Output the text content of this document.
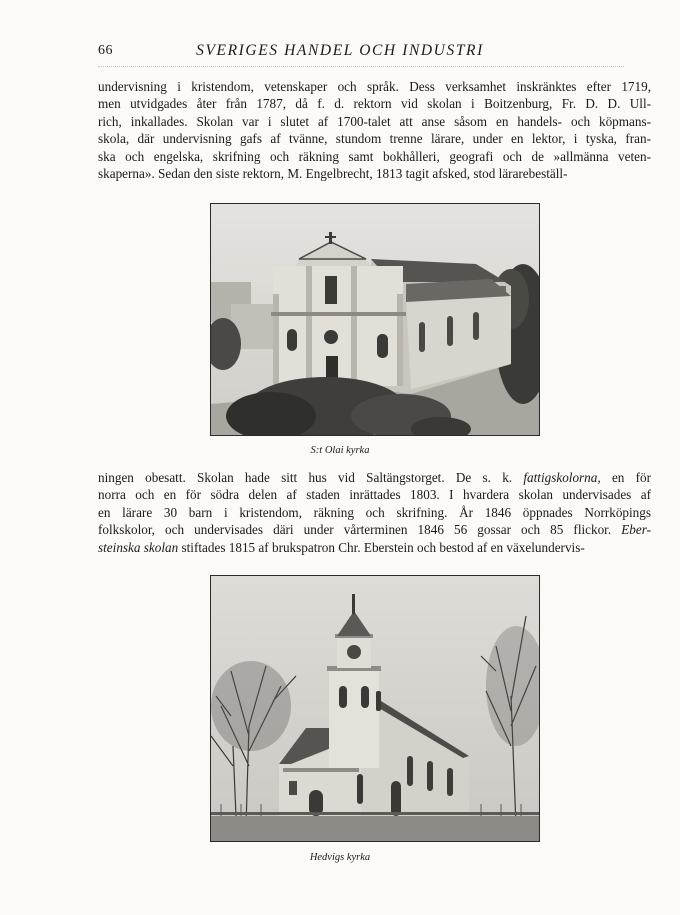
66	SVERIGES HANDEL OCH INDUSTRI
undervisning i kristendom, vetenskaper och språk. Dess verksamhet inskränktes efter 1719,
men utvidgades åter från 1787, då f. d. rektorn vid skolan i Boitzenburg, Fr. D. D. Ull-
rich, inkallades. Skolan var i slutet af 1700-talet att anse såsom en handels- och köpmans-
skola, där undervisning gafs af tvänne, stundom trenne lärare, under en lektor, i tyska, fran-
ska och engelska, skrifning och räkning samt bokhålleri, geografi och de »allmänna veten-
skaperna». Sedan den siste rektorn, M. Engelbrecht, 1813 tagit afsked, stod lärarebeställ-
S:t Olai kyrka
ningen obesatt. Skolan hade sitt hus vid Saltängstorget. De s. k. fattigskolorna, en för
norra och en för södra delen af staden inrättades 1803. I hvardera skolan undervisades af
en lärare 30 barn i kristendom, räkning och skrifning. År 1846 öppnades Norrköpings
folkskolor, och undervisades däri under vårterminen 1846 56 gossar och 85 flickor. Eber-
steinska skolan stiftades 1815 af brukspatron Chr. Eberstein och bestod af en växelundervis-
Hedvigs kyrka
